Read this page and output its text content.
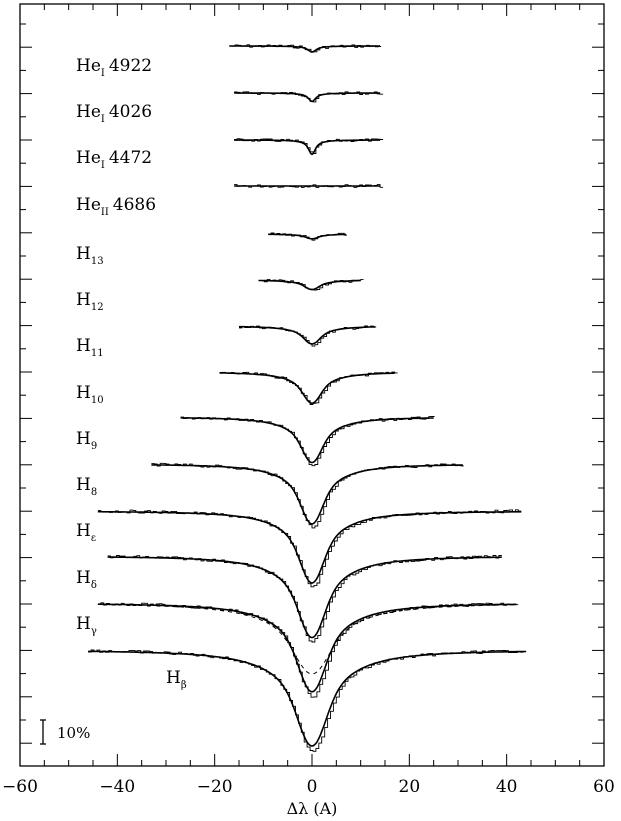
−60	−40	−20	0	20	40	60
Δλ (A)
10%
$He_I$ 4922
$He_I$ 4026
$He_I$ 4472
$He_{II}$ 4686
$H_{13}$
$H_{12}$
$H_{11}$
$H_{10}$
$H_9$
$H_8$
$H_\varepsilon$
$H_\delta$
$H_\gamma$
$H_\beta$
